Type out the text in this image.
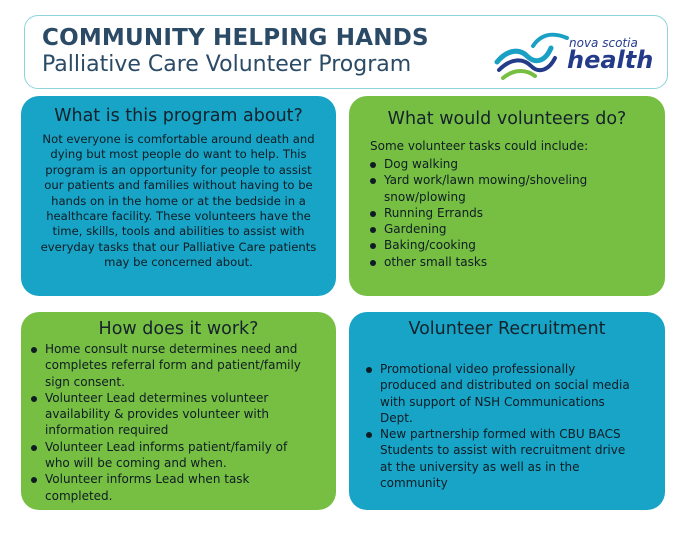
COMMUNITY HELPING HANDS
Palliative Care Volunteer Program
nova scotia
health
What is this program about?

Not everyone is comfortable around death and

dying but most people do want to help. This

program is an opportunity for people to assist

our patients and families without having to be

hands on in the home or at the bedside in a

healthcare facility. These volunteers have the

time, skills, tools and abilities to assist with

everyday tasks that our Palliative Care patients

may be concerned about.

What would volunteers do?
Some volunteer tasks could include:
Dog walking
Yard work/lawn mowing/shoveling
snow/plowing
Running Errands
Gardening
Baking/cooking
other small tasks
How does it work?
Home consult nurse determines need and
completes referral form and patient/family
sign consent.
Volunteer Lead determines volunteer
availability & provides volunteer with
information required
Volunteer Lead informs patient/family of
who will be coming and when.
Volunteer informs Lead when task
completed.
Volunteer Recruitment
Promotional video professionally
produced and distributed on social media
with support of NSH Communications
Dept.
New partnership formed with CBU BACS
Students to assist with recruitment drive
at the university as well as in the
community
